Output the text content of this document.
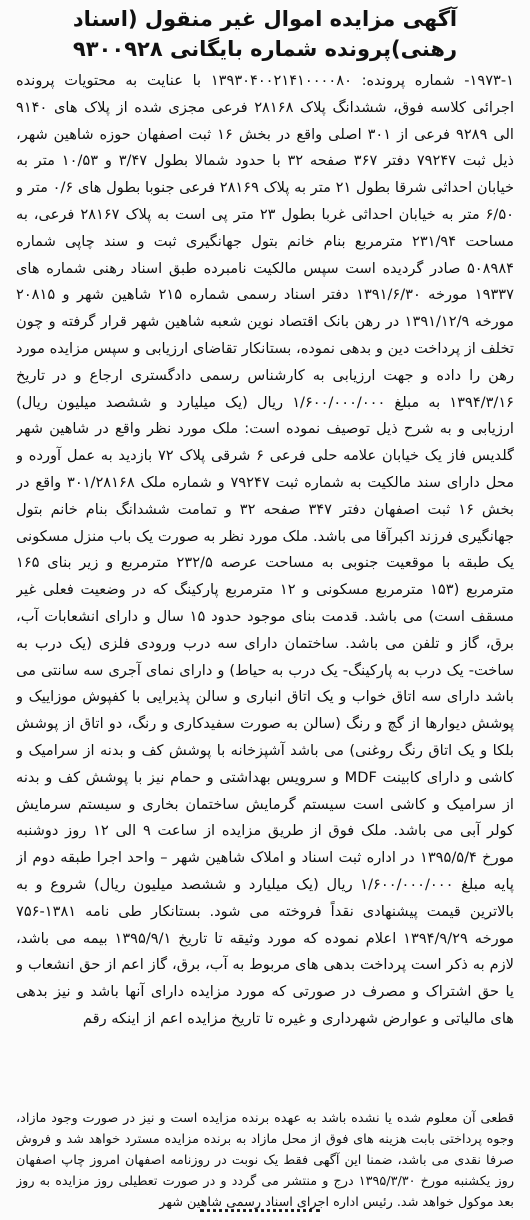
آگهی مزایده اموال غیر منقول (اسناد رهنی)پرونده شماره بایگانی ۹۳۰۰۹۲۸

۱۹۷۳-۱- شماره پرونده: ۱۳۹۳۰۴۰۰۲۱۴۱۰۰۰۰۸۰ با عنایت به محتویات پرونده اجرائی کلاسه فوق، ششدانگ پلاک ۲۸۱۶۸ فرعی مجزی شده از پلاک های ۹۱۴۰ الی ۹۲۸۹ فرعی از ۳۰۱ اصلی واقع در بخش ۱۶ ثبت اصفهان حوزه شاهین شهر، ذیل ثبت ۷۹۲۴۷ دفتر ۳۶۷ صفحه ۳۲ با حدود شمالا بطول ۳/۴۷ و ۱۰/۵۳ متر به خیابان احداثی شرقا بطول ۲۱ متر به پلاک ۲۸۱۶۹ فرعی جنوبا بطول های ۰/۶ متر و ۶/۵۰ متر به خیابان احداثی غربا بطول ۲۳ متر پی است به پلاک ۲۸۱۶۷ فرعی، به مساحت ۲۳۱/۹۴ مترمربع بنام خانم بتول جهانگیری ثبت و سند چاپی شماره ۵۰۸۹۸۴ صادر گردیده است سپس مالکیت نامبرده طبق اسناد رهنی شماره های ۱۹۳۳۷ مورخه ۱۳۹۱/۶/۳۰ دفتر اسناد رسمی شماره ۲۱۵ شاهین شهر و ۲۰۸۱۵ مورخه ۱۳۹۱/۱۲/۹ در رهن بانک اقتصاد نوین شعبه شاهین شهر قرار گرفته و چون تخلف از پرداخت دین و بدهی نموده، بستانکار تقاضای ارزیابی و سپس مزایده مورد رهن را داده و جهت ارزیابی به کارشناس رسمی دادگستری ارجاع و در تاریخ ۱۳۹۴/۳/۱۶ به مبلغ ۱/۶۰۰/۰۰۰/۰۰۰ ریال (یک میلیارد و ششصد میلیون ریال) ارزیابی و به شرح ذیل توصیف نموده است: ملک مورد نظر واقع در شاهین شهر گلدیس فاز یک خیابان علامه حلی فرعی ۶ شرقی پلاک ۷۲ بازدید به عمل آورده و محل دارای سند مالکیت به شماره ثبت ۷۹۲۴۷ و شماره ملک ۳۰۱/۲۸۱۶۸ واقع در بخش ۱۶ ثبت اصفهان دفتر ۳۴۷ صفحه ۳۲ و تمامت ششدانگ بنام خانم بتول جهانگیری فرزند اکبرآقا می باشد. ملک مورد نظر به صورت یک باب منزل مسکونی یک طبقه با موقعیت جنوبی به مساحت عرصه ۲۳۲/۵ مترمربع و زیر بنای ۱۶۵ مترمربع (۱۵۳ مترمربع مسکونی و ۱۲ مترمربع پارکینگ که در وضعیت فعلی غیر مسقف است) می باشد. قدمت بنای موجود حدود ۱۵ سال و دارای انشعابات آب، برق، گاز و تلفن می باشد. ساختمان دارای سه درب ورودی فلزی (یک درب به ساخت- یک درب به پارکینگ- یک درب به حیاط) و دارای نمای آجری سه سانتی می باشد دارای سه اتاق خواب و یک اتاق انباری و سالن پذیرایی با کفپوش موزاییک و پوشش دیوارها از گچ و رنگ (سالن به صورت سفیدکاری و رنگ، دو اتاق از پوشش بلکا و یک اتاق رنگ روغنی) می باشد آشپزخانه با پوشش کف و بدنه از سرامیک و کاشی و دارای کابینت MDF و سرویس بهداشتی و حمام نیز با پوشش کف و بدنه از سرامیک و کاشی است سیستم گرمایش ساختمان بخاری و سیستم سرمایش کولر آبی می باشد. ملک فوق از طریق مزایده از ساعت ۹ الی ۱۲ روز دوشنبه مورخ ۱۳۹۵/۵/۴ در اداره ثبت اسناد و املاک شاهین شهر – واحد اجرا طبقه دوم از پایه مبلغ ۱/۶۰۰/۰۰۰/۰۰۰ ریال (یک میلیارد و ششصد میلیون ریال) شروع و به بالاترین قیمت پیشنهادی نقداً فروخته می شود. بستانکار طی نامه ۱۳۸۱-۷۵۶ مورخه ۱۳۹۴/۹/۲۹ اعلام نموده که مورد وثیقه تا تاریخ ۱۳۹۵/۹/۱ بیمه می باشد، لازم به ذکر است پرداخت بدهی های مربوط به آب، برق، گاز اعم از حق انشعاب و یا حق اشتراک و مصرف در صورتی که مورد مزایده دارای آنها باشد و نیز بدهی های مالیاتی و عوارض شهرداری و غیره تا تاریخ مزایده اعم از اینکه رقم

قطعی آن معلوم شده یا نشده باشد به عهده برنده مزایده است و نیز در صورت وجود مازاد، وجوه پرداختی بابت هزینه های فوق از محل مازاد به برنده مزایده مسترد خواهد شد و فروش صرفا نقدی می باشد، ضمنا این آگهی فقط یک نوبت در روزنامه اصفهان امروز چاپ اصفهان روز یکشنبه مورخ ۱۳۹۵/۳/۳۰ درج و منتشر می گردد و در صورت تعطیلی روز مزایده به روز بعد موکول خواهد شد. رئیس اداره اجرای اسناد رسمی شاهین شهر
